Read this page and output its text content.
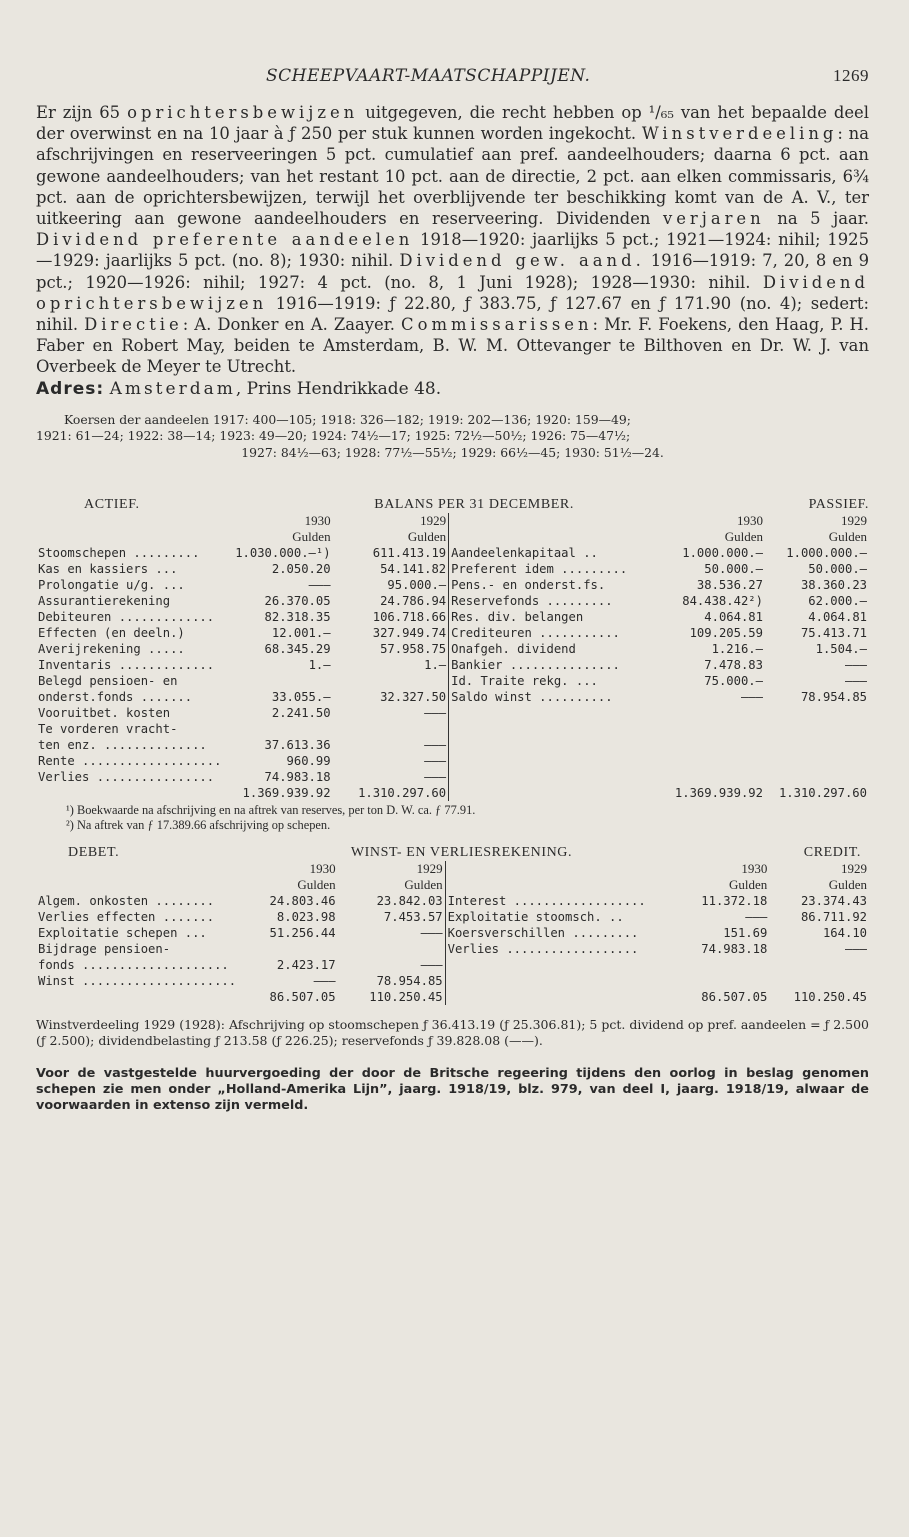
SCHEEPVAART-MAATSCHAPPIJEN.	1269

Er zijn 65 oprichtersbewijzen uitgegeven, die recht hebben op ¹/₆₅ van het bepaalde deel der overwinst en na 10 jaar à ƒ 250 per stuk kunnen worden ingekocht. Winstverdeeling: na afschrijvingen en reserveeringen 5 pct. cumulatief aan pref. aandeelhouders; daarna 6 pct. aan gewone aandeelhouders; van het restant 10 pct. aan de directie, 2 pct. aan elken commissaris, 6¾ pct. aan de oprichtersbewijzen, terwijl het overblijvende ter beschikking komt van de A. V., ter uitkeering aan gewone aandeelhouders en reserveering. Dividenden verjaren na 5 jaar. Dividend preferente aandeelen 1918—1920: jaarlijks 5 pct.; 1921—1924: nihil; 1925—1929: jaarlijks 5 pct. (no. 8); 1930: nihil. Dividend gew. aand. 1916—1919: 7, 20, 8 en 9 pct.; 1920—1926: nihil; 1927: 4 pct. (no. 8, 1 Juni 1928); 1928—1930: nihil. Dividend oprichtersbewijzen 1916—1919: ƒ 22.80, ƒ 383.75, ƒ 127.67 en ƒ 171.90 (no. 4); sedert: nihil. Directie: A. Donker en A. Zaayer. Commissarissen: Mr. F. Foekens, den Haag, P. H. Faber en Robert May, beiden te Amsterdam, B. W. M. Ottevanger te Bilthoven en Dr. W. J. van Overbeek de Meyer te Utrecht.

Adres: Amsterdam, Prins Hendrikkade 48.
Koersen der aandeelen 1917: 400—105; 1918: 326—182; 1919: 202—136; 1920: 159—49;
1921: 61—24; 1922: 38—14; 1923: 49—20; 1924: 74½—17; 1925: 72½—50½; 1926: 75—47½;
1927: 84½—63; 1928: 77½—55½; 1929: 66½—45; 1930: 51½—24.
ACTIEF.	BALANS PER 31 DECEMBER.	PASSIEF.
	1930	1929		1930	1929
	Gulden	Gulden		Gulden	Gulden
Stoomschepen .........	1.030.000.—¹)	611.413.19	Aandeelenkapitaal ..	1.000.000.—	1.000.000.—
Kas en kassiers ...	2.050.20	54.141.82	Preferent idem .........	50.000.—	50.000.—
Prolongatie u/g. ...	———	95.000.—	Pens.- en onderst.fs.	38.536.27	38.360.23
Assurantierekening	26.370.05	24.786.94	Reservefonds .........	84.438.42²)	62.000.—
Debiteuren .............	82.318.35	106.718.66	Res. div. belangen	4.064.81	4.064.81
Effecten (en deeln.)	12.001.—	327.949.74	Crediteuren ...........	109.205.59	75.413.71
Averijrekening .....	68.345.29	57.958.75	Onafgeh. dividend	1.216.—	1.504.—
Inventaris .............	1.—	1.—	Bankier ...............	7.478.83	———
Belegd pensioen- en			Id. Traite rekg. ...	75.000.—	———
onderst.fonds .......	33.055.—	32.327.50	Saldo winst ..........	———	78.954.85
Vooruitbet. kosten	2.241.50	———			
Te vorderen vracht-					
ten enz. ..............	37.613.36	———			
Rente ...................	960.99	———			
Verlies ................	74.983.18	———			
	1.369.939.92	1.310.297.60		1.369.939.92	1.310.297.60
¹) Boekwaarde na afschrijving en na aftrek van reserves, per ton D. W. ca. ƒ 77.91.
²) Na aftrek van ƒ 17.389.66 afschrijving op schepen.
DEBET.	WINST- EN VERLIESREKENING.	CREDIT.
	1930	1929		1930	1929
	Gulden	Gulden		Gulden	Gulden
Algem. onkosten ........	24.803.46	23.842.03	Interest ..................	11.372.18	23.374.43
Verlies effecten .......	8.023.98	7.453.57	Exploitatie stoomsch. ..	———	86.711.92
Exploitatie schepen ...	51.256.44	———	Koersverschillen .........	151.69	164.10
Bijdrage pensioen-			Verlies ..................	74.983.18	———
fonds ....................	2.423.17	———			
Winst .....................	———	78.954.85			
	86.507.05	110.250.45		86.507.05	110.250.45
Winstverdeeling 1929 (1928): Afschrijving op stoomschepen ƒ 36.413.19 (ƒ 25.306.81); 5 pct. dividend op pref. aandeelen = ƒ 2.500 (ƒ 2.500); dividendbelasting ƒ 213.58 (ƒ 226.25); reservefonds ƒ 39.828.08 (——).
Voor de vastgestelde huurvergoeding der door de Britsche regeering tijdens den oorlog in beslag genomen schepen zie men onder „Holland-Amerika Lijn”, jaarg. 1918/19, blz. 979, van deel I, jaarg. 1918/19, alwaar de voorwaarden in extenso zijn vermeld.
